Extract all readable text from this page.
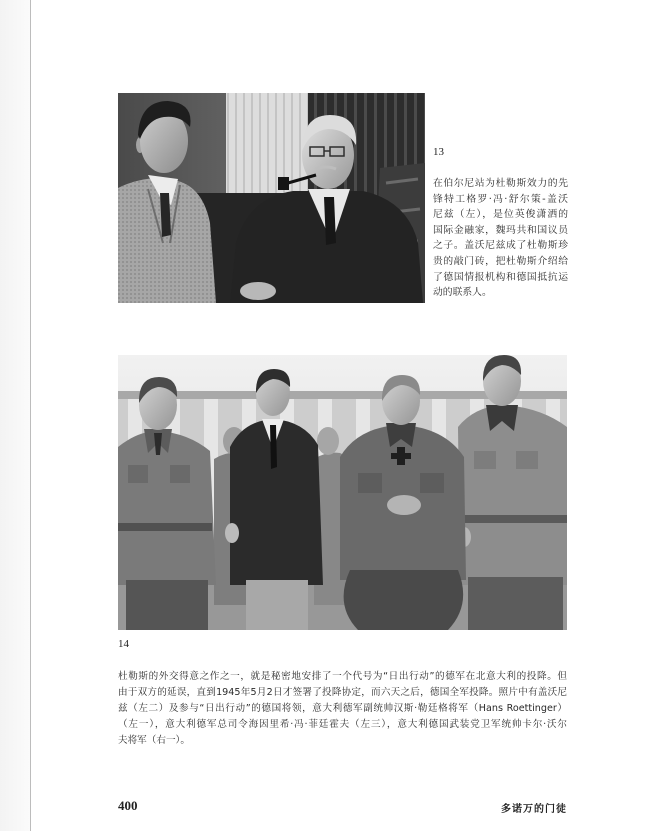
13
在伯尔尼站为杜勒斯效力的先
锋特工格罗·冯·舒尔策-盖沃
尼兹（左），是位英俊潇洒的
国际金融家，魏玛共和国议员
之子。盖沃尼兹成了杜勒斯珍
贵的敲门砖，把杜勒斯介绍给
了德国情报机构和德国抵抗运
动的联系人。
14
杜勒斯的外交得意之作之一，就是秘密地安排了一个代号为“日出行动”的德军在北意大利的投降。但
由于双方的延误，直到1945年5月2日才签署了投降协定，而六天之后，德国全军投降。照片中有盖沃尼
兹（左二）及参与“日出行动”的德国将领，意大利德军副统帅汉斯·勒廷格将军（Hans Roettinger）
（左一），意大利德军总司令海因里希·冯·菲廷霍夫（左三），意大利德国武装党卫军统帅卡尔·沃尔
夫将军（右一）。
400	多诺万的门徒
